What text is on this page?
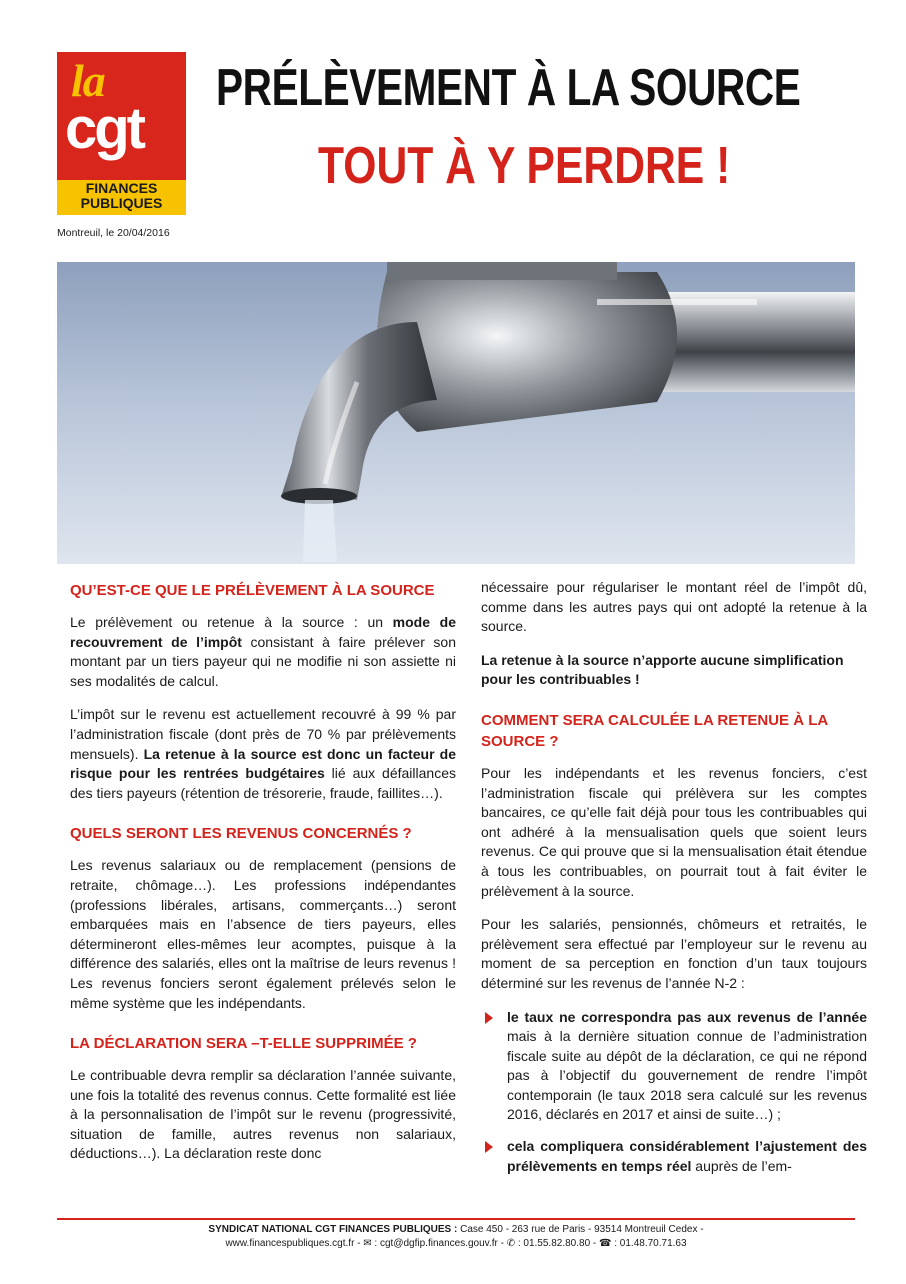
la
cgt
FINANCES
PUBLIQUES
Montreuil, le 20/04/2016
PRÉLÈVEMENT À LA SOURCE
TOUT À Y PERDRE !
QU’EST-CE QUE LE PRÉLÈVEMENT À LA SOURCE

Le prélèvement ou retenue à la source : un mode de recouvrement de l’impôt consistant à faire prélever son montant par un tiers payeur qui ne modifie ni son assiette ni ses modalités de calcul.

L’impôt sur le revenu est actuellement recouvré à 99 % par l’administration fiscale (dont près de 70 % par prélèvements mensuels). La retenue à la source est donc un facteur de risque pour les rentrées budgétaires lié aux défaillances des tiers payeurs (rétention de trésorerie, fraude, faillites…).

QUELS SERONT LES REVENUS CONCERNÉS ?

Les revenus salariaux ou de remplacement (pensions de retraite, chômage…). Les professions indépendantes (professions libérales, artisans, commerçants…) seront embarquées mais en l’absence de tiers payeurs, elles détermineront elles-mêmes leur acomptes, puisque à la différence des salariés, elles ont la maîtrise de leurs revenus ! Les revenus fonciers seront également prélevés selon le même système que les indépendants.

LA DÉCLARATION SERA –T-ELLE SUPPRIMÉE ?

Le contribuable devra remplir sa déclaration l’année suivante, une fois la totalité des revenus connus. Cette formalité est liée à la personnalisation de l’impôt sur le revenu (progressivité, situation de famille, autres revenus non salariaux, déductions…). La déclaration reste donc

nécessaire pour régulariser le montant réel de l’impôt dû, comme dans les autres pays qui ont adopté la retenue à la source.

La retenue à la source n’apporte aucune simplification pour les contribuables !

COMMENT SERA CALCULÉE LA RETENUE À LA SOURCE ?

Pour les indépendants et les revenus fonciers, c’est l’administration fiscale qui prélèvera sur les comptes bancaires, ce qu’elle fait déjà pour tous les contribuables qui ont adhéré à la mensualisation quels que soient leurs revenus. Ce qui prouve que si la mensualisation était étendue à tous les contribuables, on pourrait tout à fait éviter le prélèvement à la source.

Pour les salariés, pensionnés, chômeurs et retraités, le prélèvement sera effectué par l’employeur sur le revenu au moment de sa perception en fonction d’un taux toujours déterminé sur les revenus de l’année N-2 :

le taux ne correspondra pas aux revenus de l’année mais à la dernière situation connue de l’administration fiscale suite au dépôt de la déclaration, ce qui ne répond pas à l’objectif du gouvernement de rendre l’impôt contemporain (le taux 2018 sera calculé sur les revenus 2016, déclarés en 2017 et ainsi de suite…) ;
cela compliquera considérablement l’ajustement des prélèvements en temps réel auprès de l’em-
SYNDICAT NATIONAL CGT FINANCES PUBLIQUES : Case 450 - 263 rue de Paris - 93514 Montreuil Cedex -
www.financespubliques.cgt.fr - ✉ : cgt@dgfip.finances.gouv.fr - ✆ : 01.55.82.80.80 - ☎ : 01.48.70.71.63
